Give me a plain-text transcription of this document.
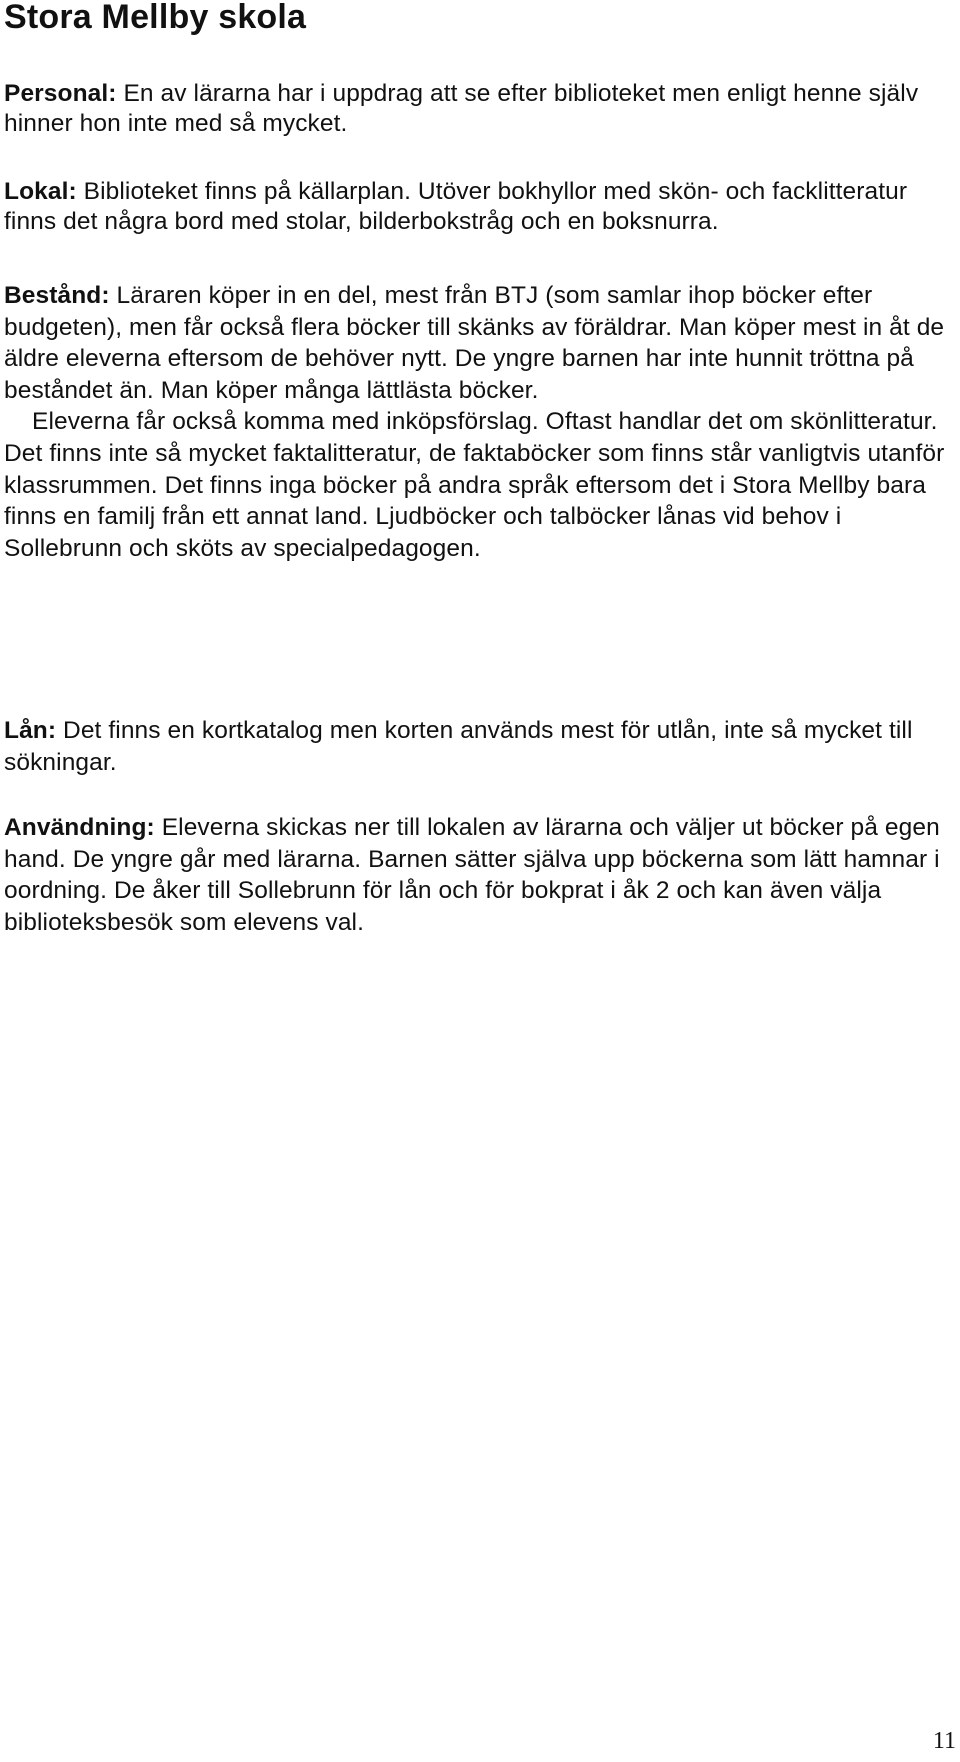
Stora Mellby skola

Personal: En av lärarna har i uppdrag att se efter biblioteket men enligt henne själv hinner hon inte med så mycket.

Lokal: Biblioteket finns på källarplan. Utöver bokhyllor med skön- och facklitteratur finns det några bord med stolar, bilderbokstråg och en boksnurra.

Bestånd: Läraren köper in en del, mest från BTJ (som samlar ihop böcker efter budgeten), men får också flera böcker till skänks av föräldrar. Man köper mest in åt de äldre eleverna eftersom de behöver nytt. De yngre barnen har inte hunnit tröttna på beståndet än. Man köper många lättlästa böcker.
Eleverna får också komma med inköpsförslag. Oftast handlar det om skönlitteratur. Det finns inte så mycket faktalitteratur, de faktaböcker som finns står vanligtvis utanför klassrummen. Det finns inga böcker på andra språk eftersom det i Stora Mellby bara finns en familj från ett annat land. Ljudböcker och talböcker lånas vid behov i Sollebrunn och sköts av specialpedagogen.

Lån: Det finns en kortkatalog men korten används mest för utlån, inte så mycket till sökningar.

Användning: Eleverna skickas ner till lokalen av lärarna och väljer ut böcker på egen hand. De yngre går med lärarna. Barnen sätter själva upp böckerna som lätt hamnar i oordning. De åker till Sollebrunn för lån och för bokprat i åk 2 och kan även välja biblioteksbesök som elevens val.

11
